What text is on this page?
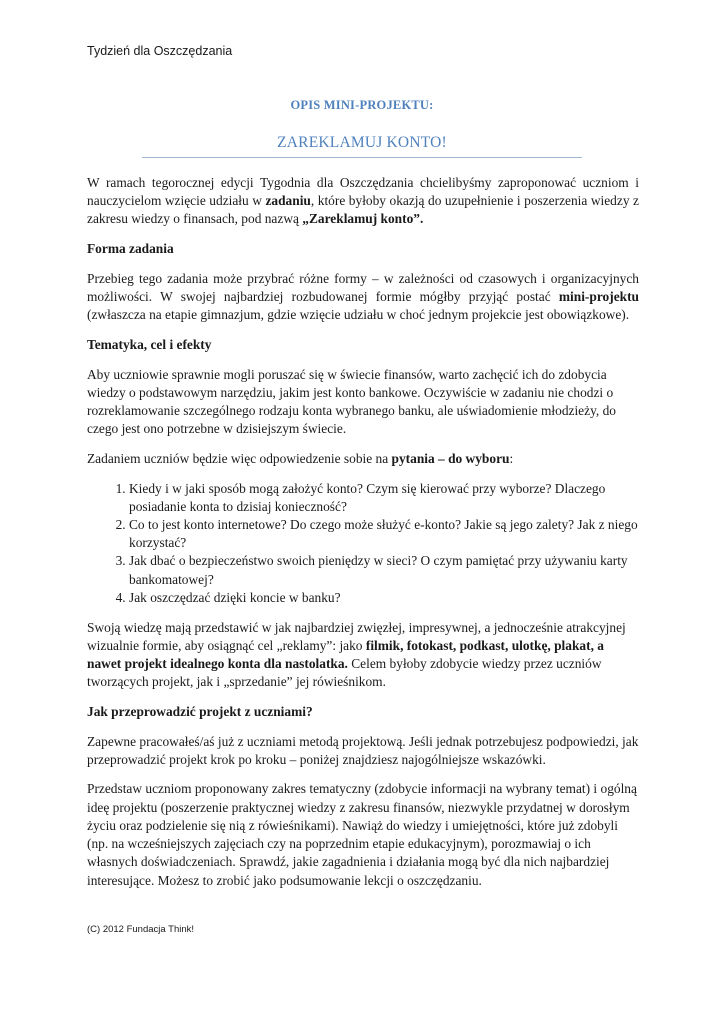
Tydzień dla Oszczędzania
OPIS MINI-PROJEKTU:
ZAREKLAMUJ KONTO!

W ramach tegorocznej edycji Tygodnia dla Oszczędzania chcielibyśmy zaproponować uczniom i nauczycielom wzięcie udziału w zadaniu, które byłoby okazją do uzupełnienie i poszerzenia wiedzy z zakresu wiedzy o finansach, pod nazwą „Zareklamuj konto”.

Forma zadania

Przebieg tego zadania może przybrać różne formy – w zależności od czasowych i organizacyjnych możliwości. W swojej najbardziej rozbudowanej formie mógłby przyjąć postać mini-projektu (zwłaszcza na etapie gimnazjum, gdzie wzięcie udziału w choć jednym projekcie jest obowiązkowe).

Tematyka, cel i efekty

Aby uczniowie sprawnie mogli poruszać się w świecie finansów, warto zachęcić ich do zdobycia wiedzy o podstawowym narzędziu, jakim jest konto bankowe. Oczywiście w zadaniu nie chodzi o rozreklamowanie szczególnego rodzaju konta wybranego banku, ale uświadomienie młodzieży, do czego jest ono potrzebne w dzisiejszym świecie.

Zadaniem uczniów będzie więc odpowiedzenie sobie na pytania – do wyboru:

1. Kiedy i w jaki sposób mogą założyć konto? Czym się kierować przy wyborze? Dlaczego posiadanie konta to dzisiaj konieczność?
2. Co to jest konto internetowe? Do czego może służyć e-konto? Jakie są jego zalety? Jak z niego korzystać?
3. Jak dbać o bezpieczeństwo swoich pieniędzy w sieci? O czym pamiętać przy używaniu karty bankomatowej?
4. Jak oszczędzać dzięki koncie w banku?

Swoją wiedzę mają przedstawić w jak najbardziej zwięzłej, impresywnej, a jednocześnie atrakcyjnej wizualnie formie, aby osiągnąć cel „reklamy”: jako filmik, fotokast, podkast, ulotkę, plakat, a nawet projekt idealnego konta dla nastolatka. Celem byłoby zdobycie wiedzy przez uczniów tworzących projekt, jak i „sprzedanie” jej rówieśnikom.

Jak przeprowadzić projekt z uczniami?

Zapewne pracowałeś/aś już z uczniami metodą projektową. Jeśli jednak potrzebujesz podpowiedzi, jak przeprowadzić projekt krok po kroku – poniżej znajdziesz najogólniejsze wskazówki.

Przedstaw uczniom proponowany zakres tematyczny (zdobycie informacji na wybrany temat) i ogólną ideę projektu (poszerzenie praktycznej wiedzy z zakresu finansów, niezwykle przydatnej w dorosłym życiu oraz podzielenie się nią z rówieśnikami). Nawiąż do wiedzy i umiejętności, które już zdobyli (np. na wcześniejszych zajęciach czy na poprzednim etapie edukacyjnym), porozmawiaj o ich własnych doświadczeniach. Sprawdź, jakie zagadnienia i działania mogą być dla nich najbardziej interesujące. Możesz to zrobić jako podsumowanie lekcji o oszczędzaniu.

(C) 2012 Fundacja Think!
